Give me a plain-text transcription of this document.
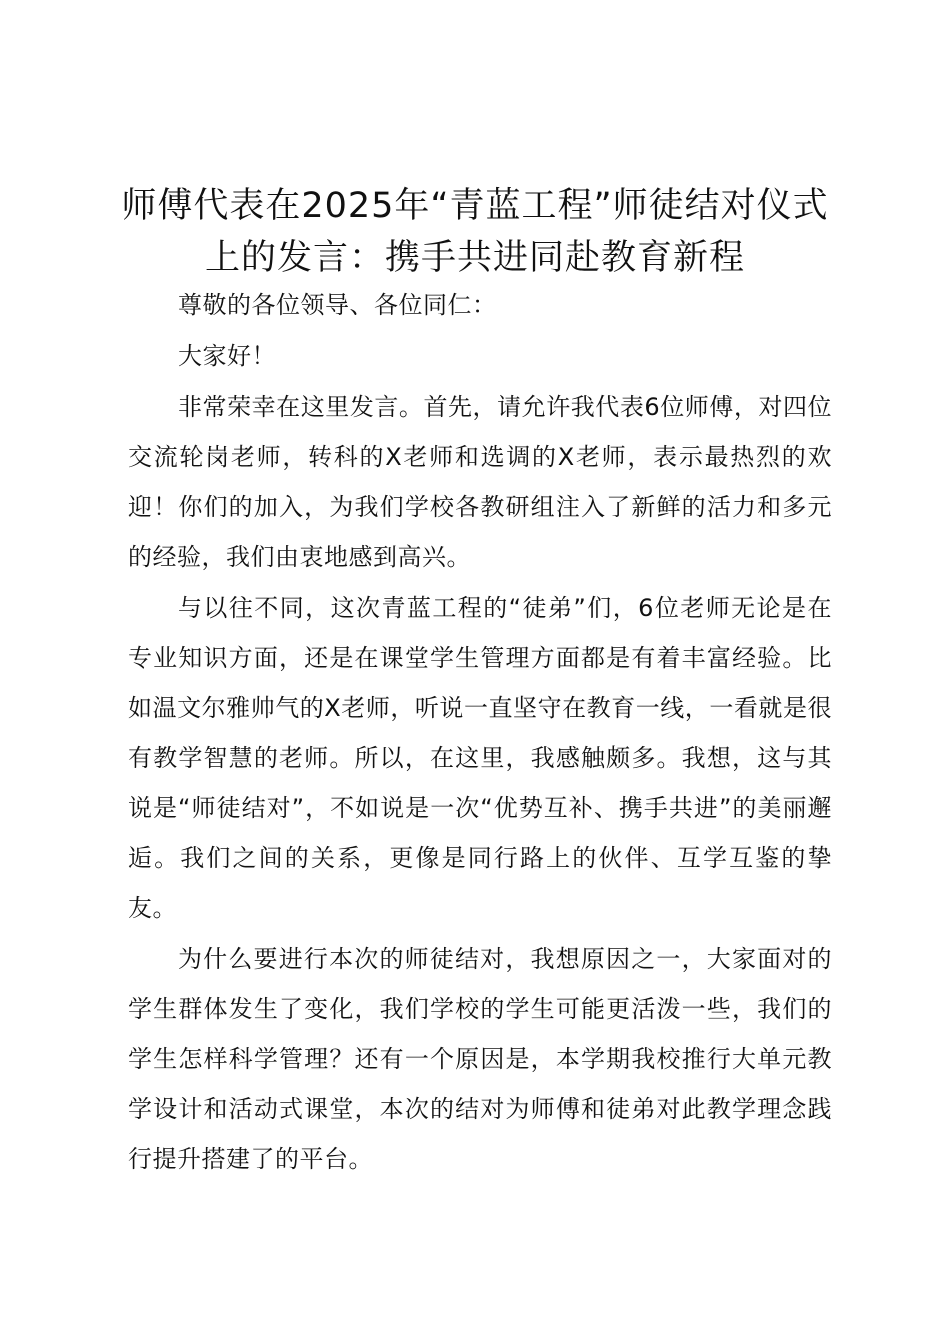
师傅代表在2025年“青蓝工程”师徒结对仪式上的发言：携手共进同赴教育新程

尊敬的各位领导、各位同仁：

大家好！

非常荣幸在这里发言。首先，请允许我代表6位师傅，对四位交流轮岗老师，转科的X老师和选调的X老师，表示最热烈的欢迎！你们的加入，为我们学校各教研组注入了新鲜的活力和多元的经验，我们由衷地感到高兴。

与以往不同，这次青蓝工程的“徒弟”们，6位老师无论是在专业知识方面，还是在课堂学生管理方面都是有着丰富经验。比如温文尔雅帅气的X老师，听说一直坚守在教育一线，一看就是很有教学智慧的老师。所以，在这里，我感触颇多。我想，这与其说是“师徒结对”，不如说是一次“优势互补、携手共进”的美丽邂逅。我们之间的关系，更像是同行路上的伙伴、互学互鉴的挚友。

为什么要进行本次的师徒结对，我想原因之一，大家面对的学生群体发生了变化，我们学校的学生可能更活泼一些，我们的学生怎样科学管理？还有一个原因是，本学期我校推行大单元教学设计和活动式课堂，本次的结对为师傅和徒弟对此教学理念践行提升搭建了的平台。
